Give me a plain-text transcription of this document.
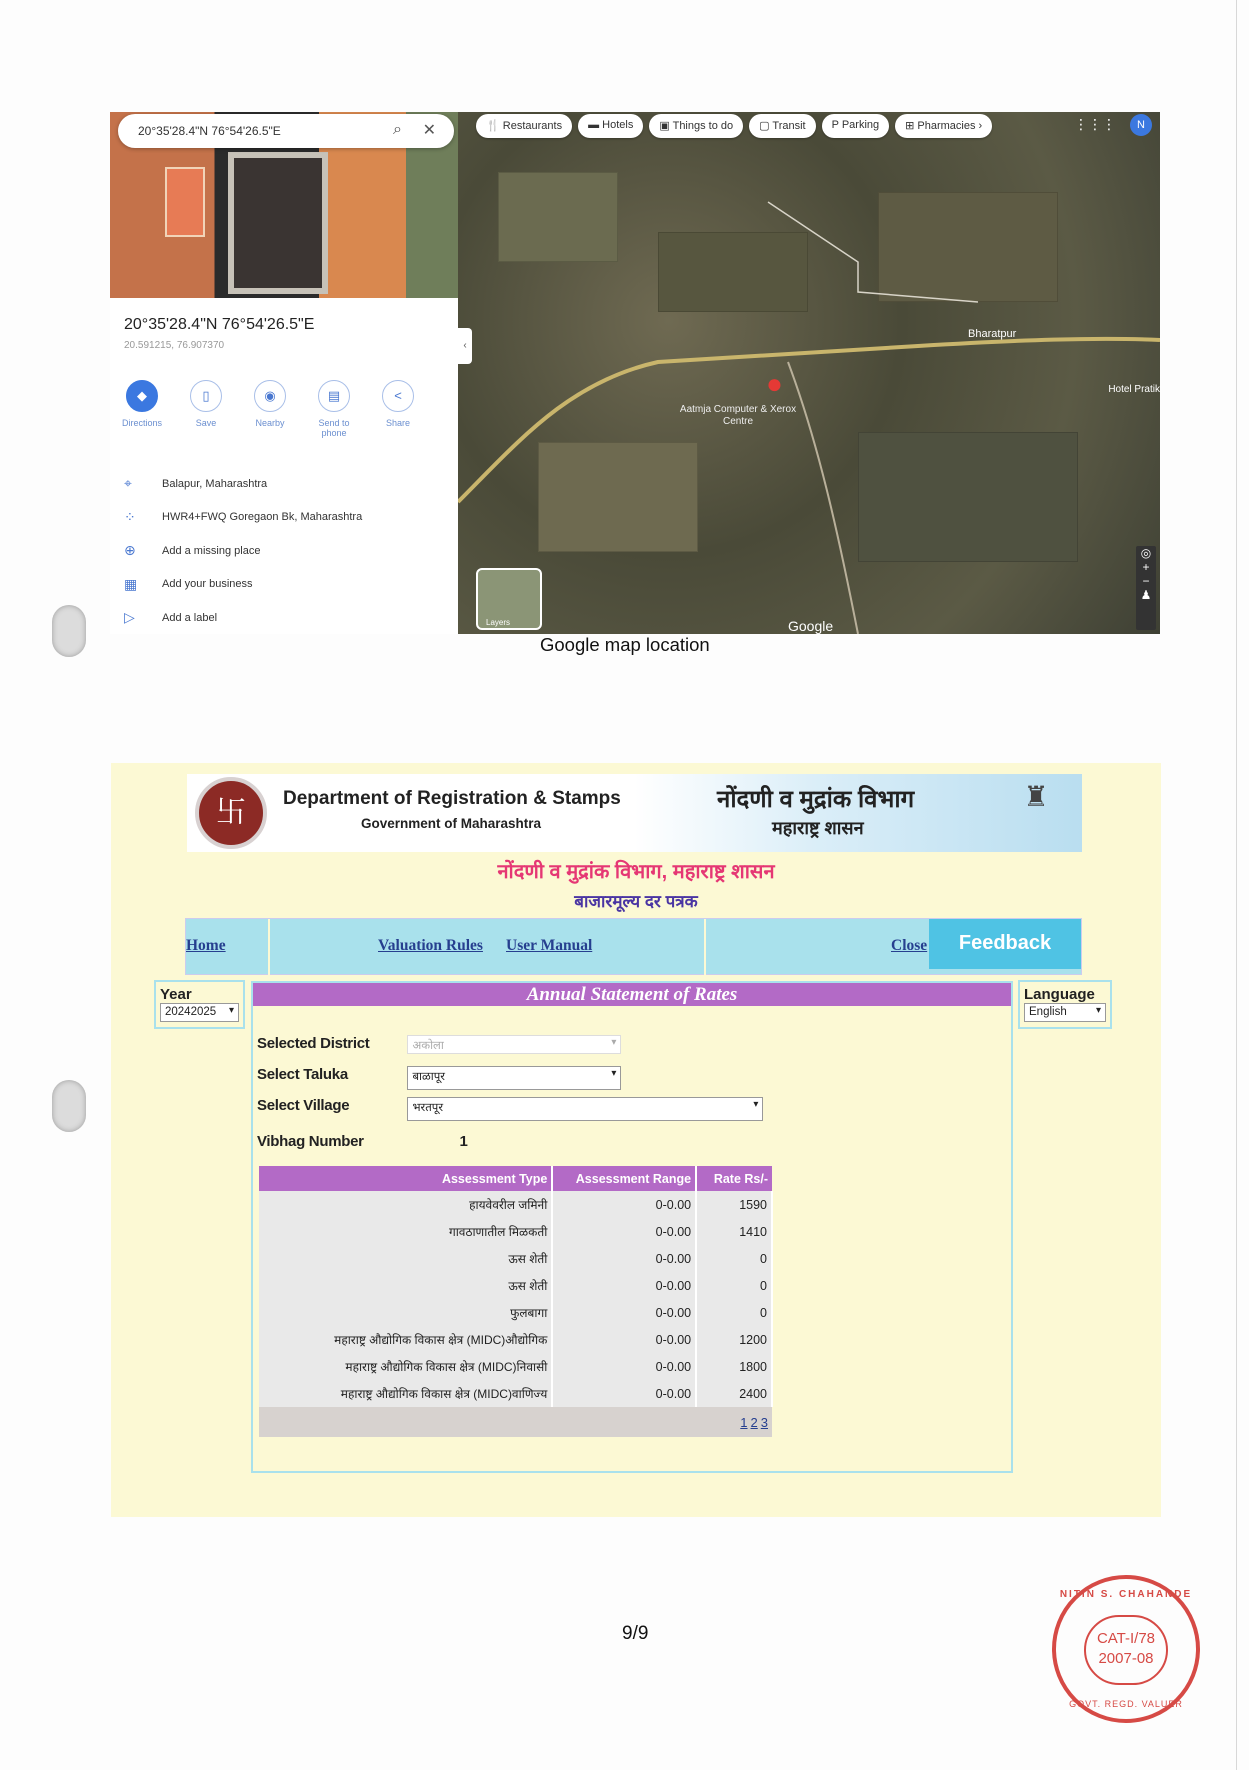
20°35'28.4"N 76°54'26.5"E	⌕ ✕
20°35'28.4"N 76°54'26.5"E
20.591215, 76.907370
◆
Directions
▯
Save
◉
Nearby
▤
Send to phone
<
Share
⌖	Balapur, Maharashtra
⁘	HWR4+FWQ Goregaon Bk, Maharashtra
⊕	Add a missing place
▦	Add your business
▷	Add a label
‹
●
Aatmja Computer & Xerox Centre
Bharatpur
Hotel Pratik
Layers	Google
◎
+
−
♟
🍴 Restaurants	▬ Hotels	▣ Things to do	▢ Transit	P Parking	⊞ Pharmacies ›	⋮⋮⋮	N
Google map location
卐	Department of Registration & Stamps
Government of Maharashtra
नोंदणी व मुद्रांक विभाग
महाराष्ट्र शासन
♜
नोंदणी व मुद्रांक विभाग, महाराष्ट्र शासन
बाजारमूल्य दर पत्रक
Home	Valuation Rules User Manual	Close	Feedback
Year
20242025 ▾
Language
English	▾
Annual Statement of Rates
Selected District	अकोला	▾
Select Taluka	बाळापूर	▾
Select Village	भरतपूर	▾
Vibhag Number	1
Assessment Type	Assessment Range	Rate Rs/-
हायवेवरील जमिनी	0-0.00	1590
गावठाणातील मिळकती	0-0.00	1410
ऊस शेती	0-0.00	0
ऊस शेती	0-0.00	0
फुलबागा	0-0.00	0
महाराष्ट्र औद्योगिक विकास क्षेत्र (MIDC)औद्योगिक	0-0.00	1200
महाराष्ट्र औद्योगिक विकास क्षेत्र (MIDC)निवासी	0-0.00	1800
महाराष्ट्र औद्योगिक विकास क्षेत्र (MIDC)वाणिज्य	0-0.00	2400
1 2 3		
9/9
NITIN S. CHAHANDE
CAT-I/78
2007-08
GOVT. REGD. VALUER
